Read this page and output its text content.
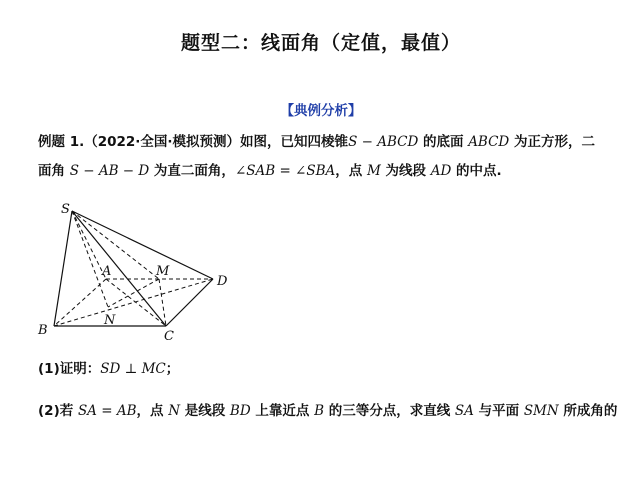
题型二：线面角（定值，最值）
【典例分析】
例题 1.（2022·全国·模拟预测）如图，已知四棱锥S − ABCD 的底面 ABCD 为正方形，二
面角 S − AB − D 为直二面角，∠SAB = ∠SBA，点 M 为线段 AD 的中点.
S
A	M
D
N
B	C
(1)证明：SD ⊥ MC；
(2)若 SA = AB，点 N 是线段 BD 上靠近点 B 的三等分点，求直线 SA 与平面 SMN 所成角的
